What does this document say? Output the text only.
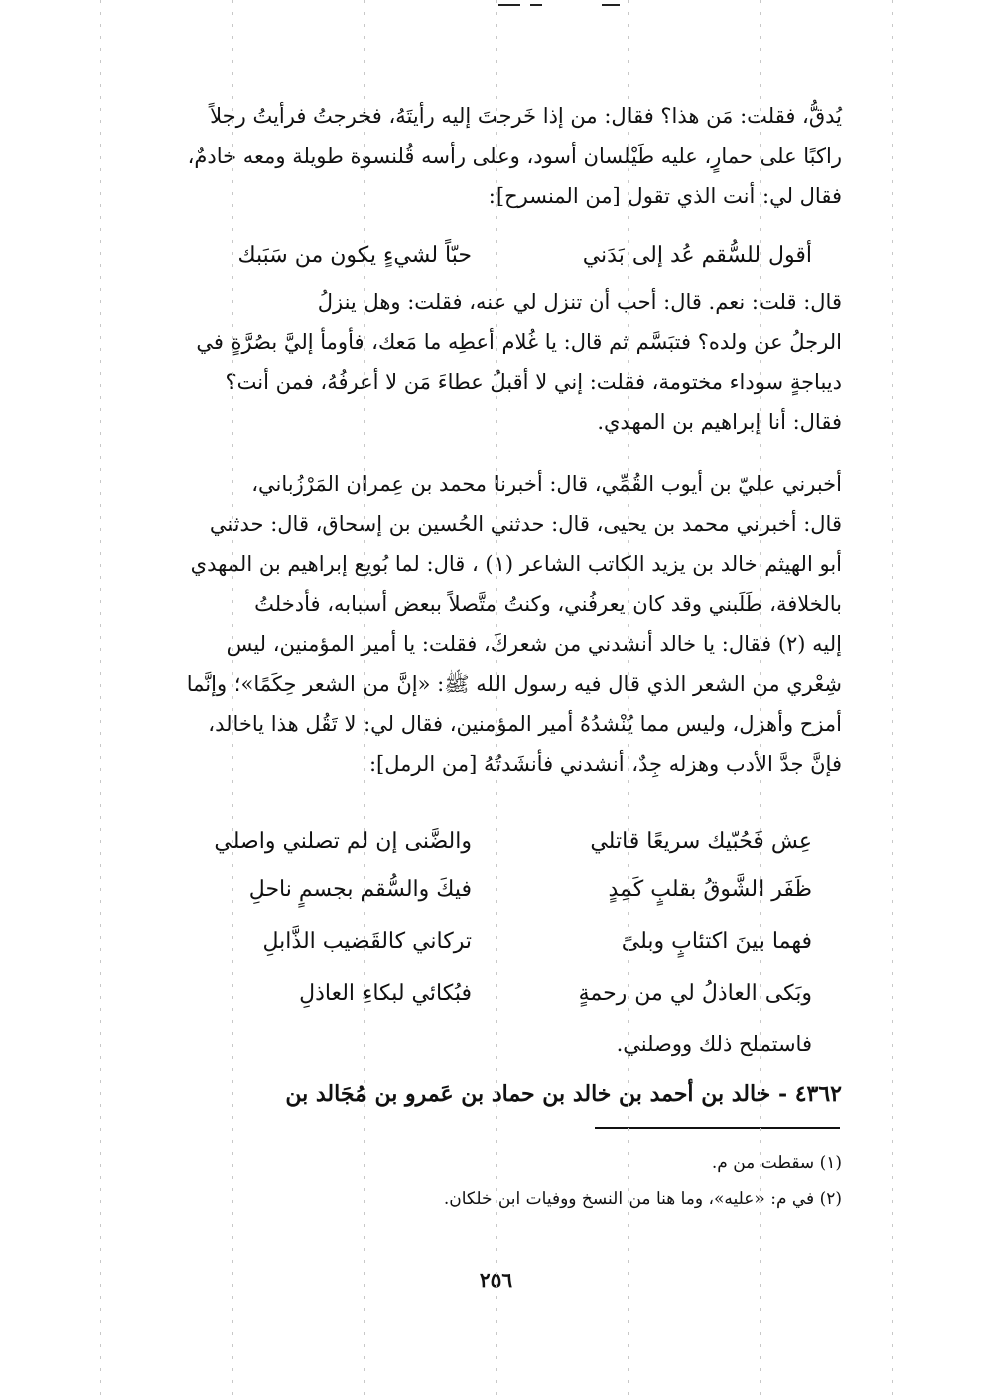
يُدقُّ، فقلت: مَن هذا؟ فقال: من إذا خَرجتَ إليه رأيتَهُ، فخرجتُ فرأيتُ رجلاً
راكبًا على حمارٍ، عليه طَيْلسان أسود، وعلى رأسه قُلنسوة طويلة ومعه خادمٌ،
فقال لي: أنت الذي تقول [من المنسرح]:
أقول للسُّقم عُد إلى بَدَني
حبّاً لشيءٍ يكون من سَبَبك
قال: قلت: نعم. قال: أحب أن تنزل لي عنه، فقلت: وهل ينزلُ
الرجلُ عن ولده؟ فتبَسَّم ثم قال: يا غُلام أعطِه ما مَعك، فأومأ إليَّ بصُرَّةٍ في
ديباجةٍ سوداء مختومة، فقلت: إني لا أقبلُ عطاءَ مَن لا أعرفُهُ، فمن أنت؟
فقال: أنا إبراهيم بن المهدي.
أخبرني عليّ بن أيوب القُمِّي، قال: أخبرنا محمد بن عِمران المَرْزُباني،
قال: أخبرني محمد بن يحيى، قال: حدثني الحُسين بن إسحاق، قال: حدثني
أبو الهيثم خالد بن يزيد الكاتب الشاعر (١) ، قال: لما بُويع إبراهيم بن المهدي
بالخلافة، طَلَبني وقد كان يعرفُني، وكنتُ متَّصلاً ببعض أسبابه، فأدخلتُ
إليه (٢) فقال: يا خالد أنشدني من شعركَ، فقلت: يا أمير المؤمنين، ليس
شِعْري من الشعر الذي قال فيه رسول الله ﷺ: «إنَّ من الشعر حِكَمًا»؛ وإنَّما
أمزح وأهزل، وليس مما يُنْشدُهُ أمير المؤمنين، فقال لي: لا تَقُل هذا ياخالد،
فإنَّ جدَّ الأدب وهزله جِدٌ، أنشدني فأنشَدتُهُ [من الرمل]:
عِش فَحُبّيك سريعًا قاتلي
والضَّنى إن لم تصلني واصلي
ظَفَر الشَّوقُ بقلبٍ كَمِدٍ
فيكَ والسُّقم بجسمٍ ناحلِ
فهما بينَ اكتئابٍ وبلىً
تركاني كالقَضيب الذَّابلِ
وبَكى العاذلُ لي من رحمةٍ
فبُكائي لبكاءِ العاذلِ
فاستملح ذلك ووصلني.
٤٣٦٢ - خالد بن أحمد بن خالد بن حماد بن عَمرو بن مُجَالد بن
(١) سقطت من م.
(٢) في م: «عليه»، وما هنا من النسخ ووفيات ابن خلكان.
٢٥٦
